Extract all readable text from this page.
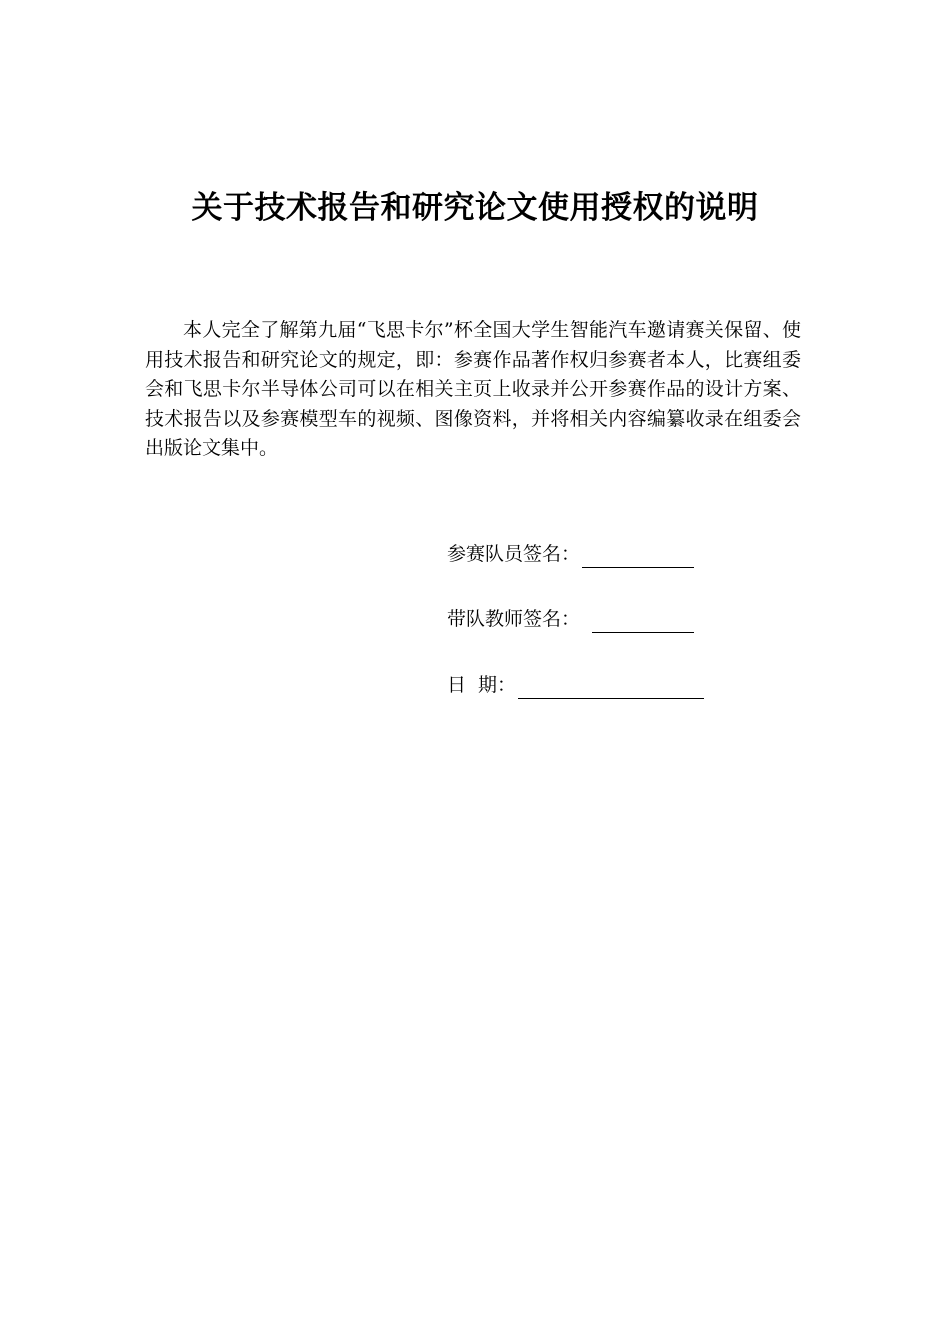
关于技术报告和研究论文使用授权的说明

本人完全了解第九届“飞思卡尔”杯全国大学生智能汽车邀请赛关保留、使用技术报告和研究论文的规定，即：参赛作品著作权归参赛者本人，比赛组委会和飞思卡尔半导体公司可以在相关主页上收录并公开参赛作品的设计方案、技术报告以及参赛模型车的视频、图像资料，并将相关内容编纂收录在组委会出版论文集中。

参赛队员签名：
带队教师签名：
日 期：
